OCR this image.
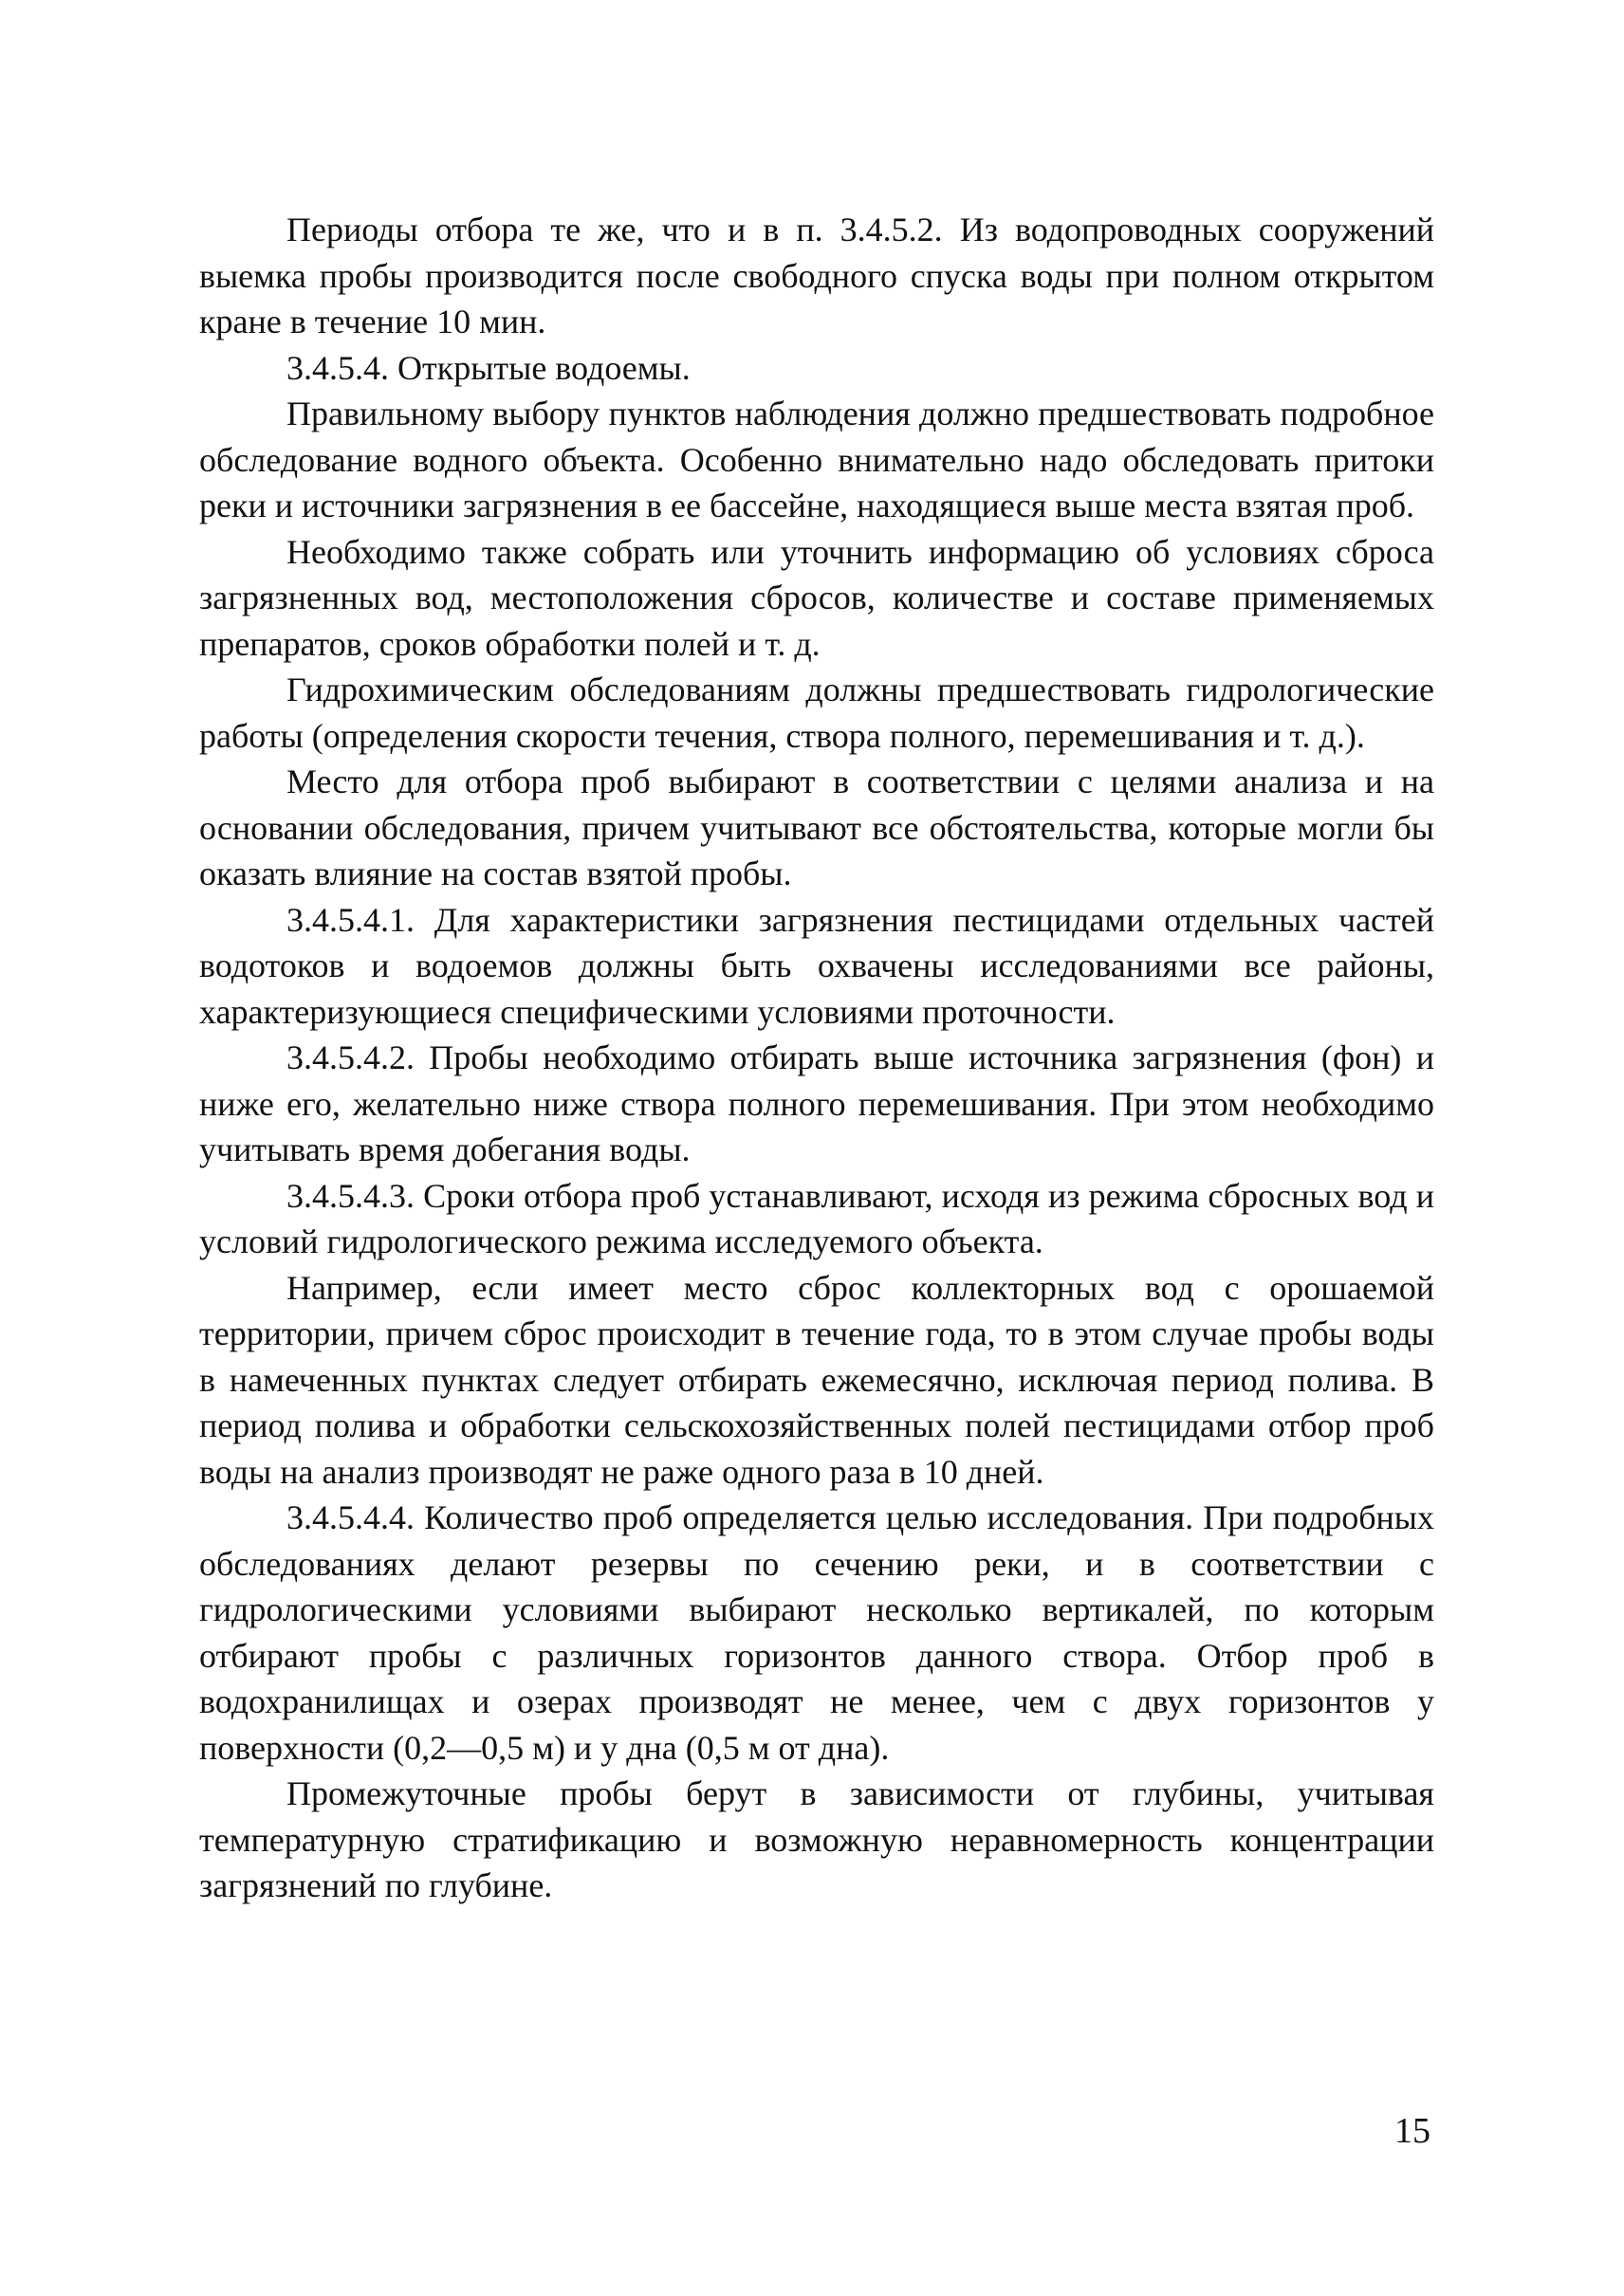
Периоды отбора те же, что и в п. 3.4.5.2. Из водопроводных сооружений выемка пробы производится после свободного спуска воды при полном открытом кране в течение 10 мин.

3.4.5.4. Открытые водоемы.

Правильному выбору пунктов наблюдения должно предшествовать подробное обследование водного объекта. Особенно внимательно надо обследовать притоки реки и источники загрязнения в ее бассейне, находящиеся выше места взятая проб.

Необходимо также собрать или уточнить информацию об условиях сброса загрязненных вод, местоположения сбросов, количестве и составе применяемых препаратов, сроков обработки полей и т. д.

Гидрохимическим обследованиям должны предшествовать гидрологические работы (определения скорости течения, створа полного, перемешивания и т. д.).

Место для отбора проб выбирают в соответствии с целями анализа и на основании обследования, причем учитывают все обстоятельства, которые могли бы оказать влияние на состав взятой пробы.

3.4.5.4.1. Для характеристики загрязнения пестицидами отдельных частей водотоков и водоемов должны быть охвачены исследованиями все районы, характеризующиеся специфическими условиями проточности.

3.4.5.4.2. Пробы необходимо отбирать выше источника загрязнения (фон) и ниже его, желательно ниже створа полного перемешивания. При этом необходимо учитывать время добегания воды.

3.4.5.4.3. Сроки отбора проб устанавливают, исходя из режима сбросных вод и условий гидрологического режима исследуемого объекта.

Например, если имеет место сброс коллекторных вод с орошаемой территории, причем сброс происходит в течение года, то в этом случае пробы воды в намеченных пунктах следует отбирать ежемесячно, исключая период полива. В период полива и обработки сельскохозяйственных полей пестицидами отбор проб воды на анализ производят не раже одного раза в 10 дней.

3.4.5.4.4. Количество проб определяется целью исследования. При подробных обследованиях делают резервы по сечению реки, и в соответствии с гидрологическими условиями выбирают несколько вертикалей, по которым отбирают пробы с различных горизонтов данного створа. Отбор проб в водохранилищах и озерах производят не менее, чем с двух горизонтов у поверхности (0,2—0,5 м) и у дна (0,5 м от дна).

Промежуточные пробы берут в зависимости от глубины, учитывая температурную стратификацию и возможную неравномерность концентрации загрязнений по глубине.

15
